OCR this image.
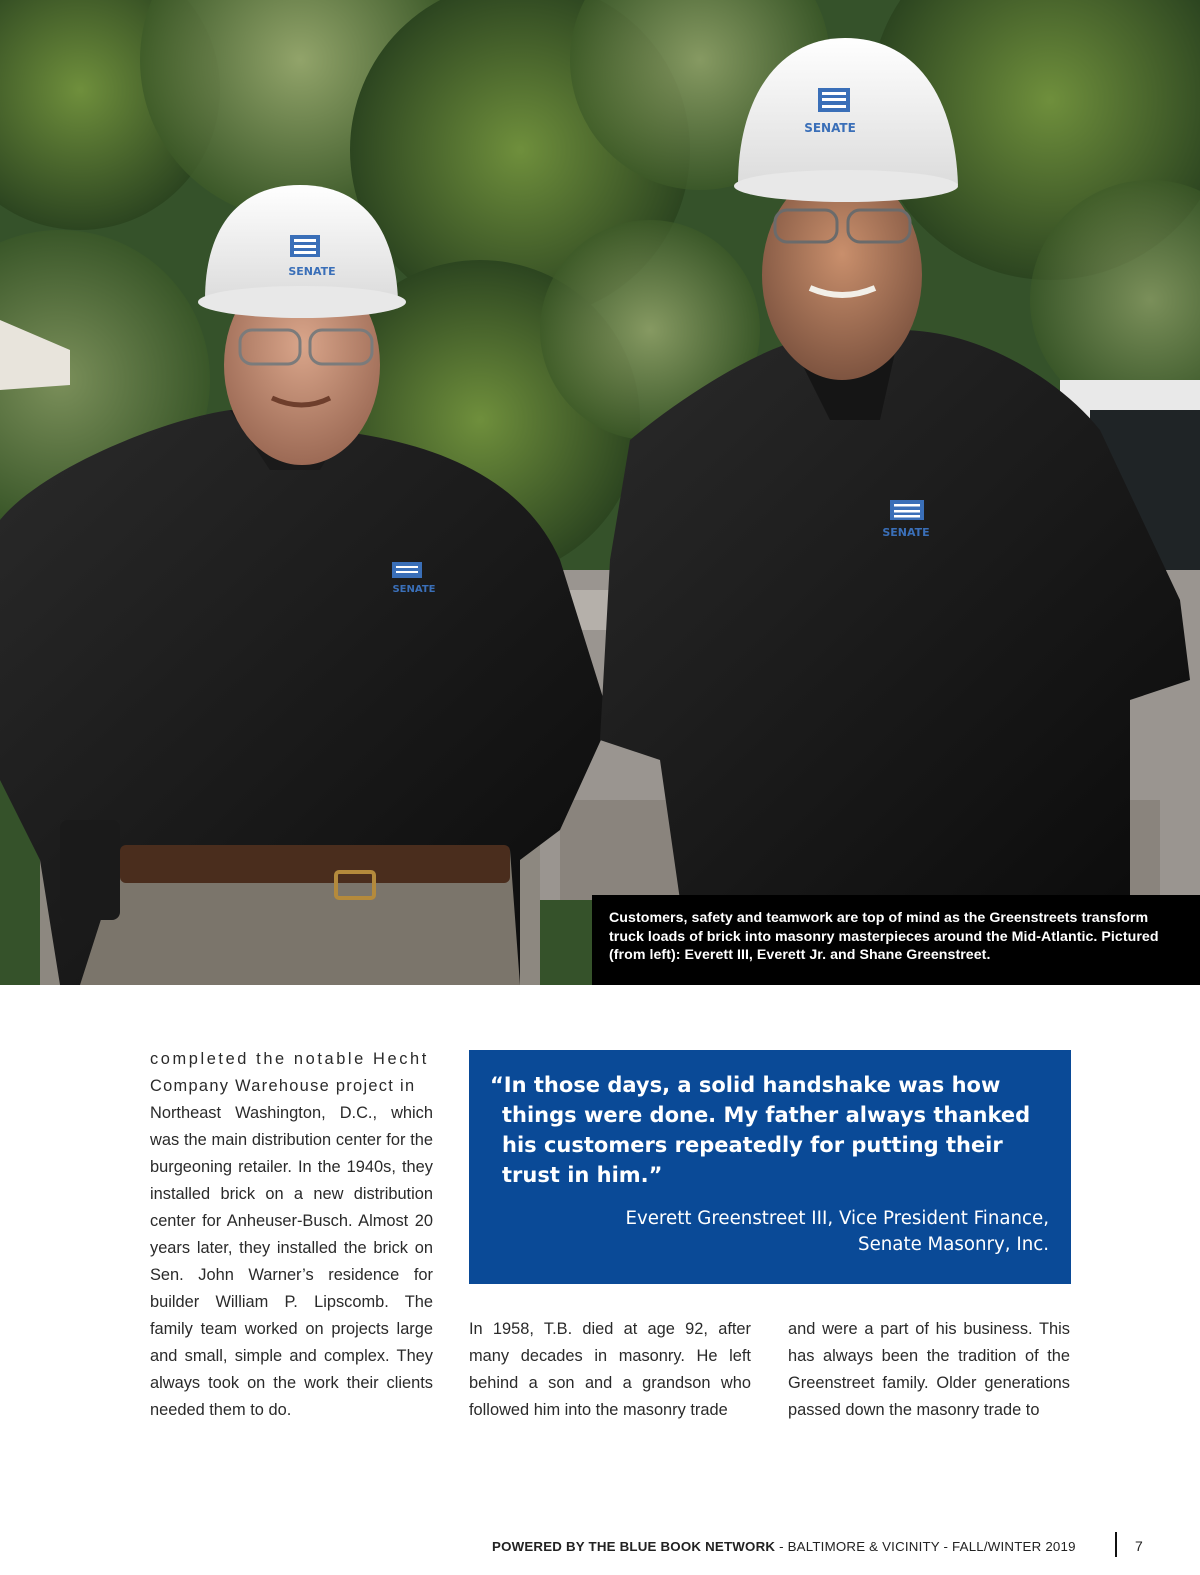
SENATE
SENATE
SENATE
SENATE

Customers, safety and teamwork are top of mind as the Greenstreets transform truck loads of brick into masonry masterpieces around the Mid-Atlantic. Pictured (from left): Everett III, Everett Jr. and Shane Greenstreet.

completed the notable Hecht
Company Warehouse project in
Northeast Washington, D.C., which was the main distribution center for the burgeoning retailer. In the 1940s, they installed brick on a new distribution center for Anheuser-Busch. Almost 20 years later, they installed the brick on Sen. John Warner’s residence for builder William P. Lipscomb. The family team worked on projects large and small, simple and complex. They always took on the work their clients needed them to do.

“In those days, a solid handshake was how things were done. My father always thanked his customers repeatedly for putting their trust in him.”

Everett Greenstreet III, Vice President Finance,
Senate Masonry, Inc.

In 1958, T.B. died at age 92, after many decades in masonry. He left behind a son and a grandson who followed him into the masonry trade

and were a part of his business. This has always been the tradition of the Greenstreet family. Older generations passed down the masonry trade to

POWERED BY THE BLUE BOOK NETWORK - BALTIMORE & VICINITY - FALL/WINTER 2019	7
